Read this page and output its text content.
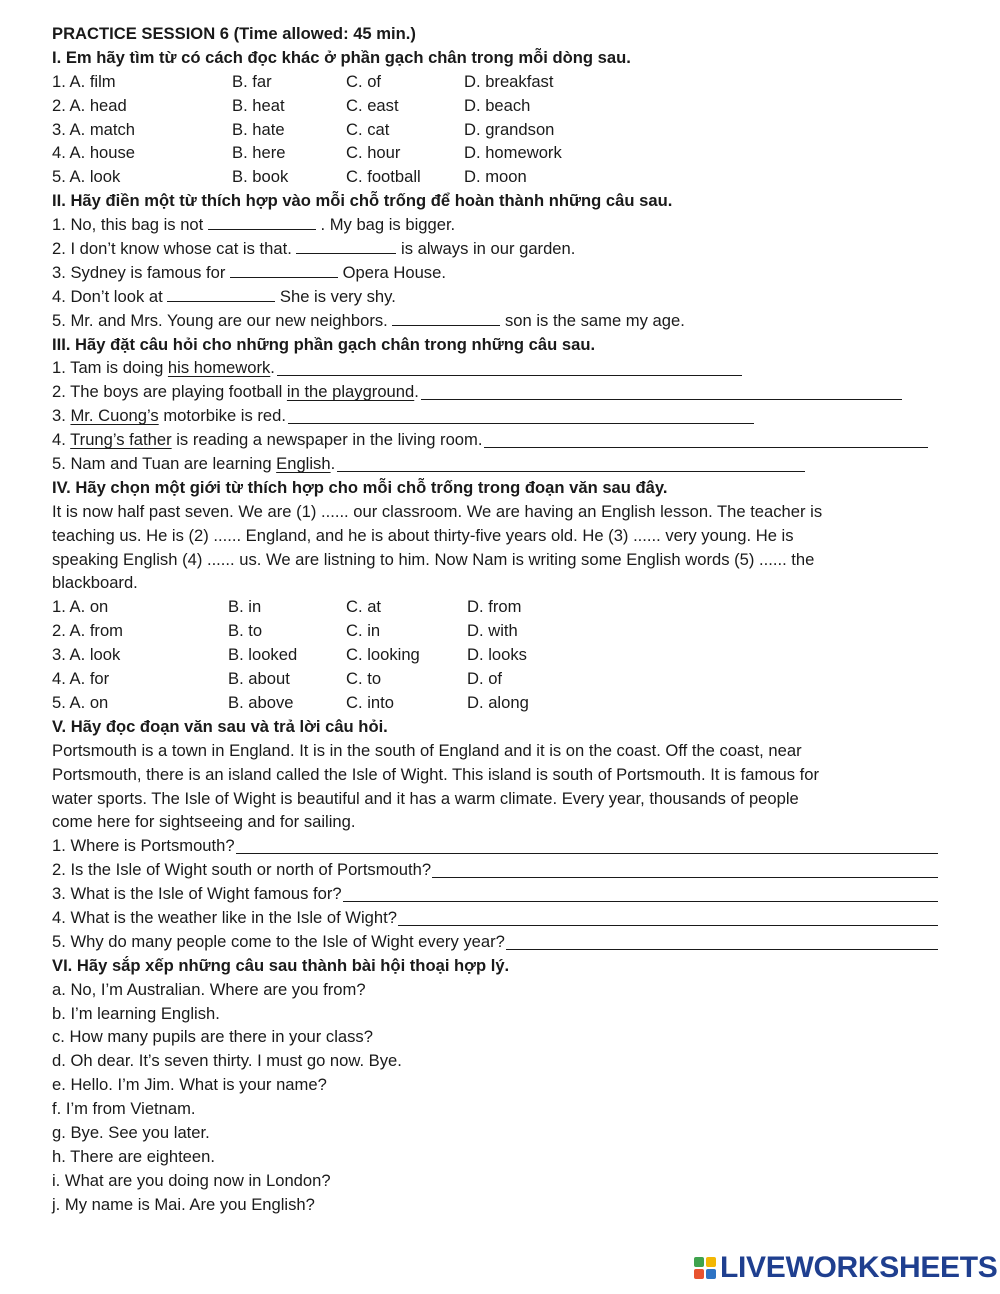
PRACTICE SESSION 6 (Time allowed: 45 min.)
I. Em hãy tìm từ có cách đọc khác ở phần gạch chân trong mỗi dòng sau.
1. A. film	B. far	C. of	D. breakfast
2. A. head	B. heat	C. east	D. beach
3. A. match	B. hate	C. cat	D. grandson
4. A. house	B. here	C. hour	D. homework
5. A. look	B. book	C. football	D. moon
II. Hãy điền một từ thích hợp vào mỗi chỗ trống để hoàn thành những câu sau.
1. No, this bag is not	. My bag is bigger.
2. I don’t know whose cat is that.	is always in our garden.
3. Sydney is famous for	Opera House.
4. Don’t look at	She is very shy.
5. Mr. and Mrs. Young are our new neighbors.	son is the same my age.
III. Hãy đặt câu hỏi cho những phần gạch chân trong những câu sau.
1. Tam is doing his homework.
2. The boys are playing football in the playground.
3. Mr. Cuong’s motorbike is red.
4. Trung’s father is reading a newspaper in the living room.
5. Nam and Tuan are learning English.
IV. Hãy chọn một giới từ thích hợp cho mỗi chỗ trống trong đoạn văn sau đây.
It is now half past seven. We are (1) ...... our classroom. We are having an English lesson. The teacher is
teaching us. He is (2) ...... England, and he is about thirty-five years old. He (3) ...... very young. He is
speaking English (4) ...... us. We are listning to him. Now Nam is writing some English words (5) ...... the
blackboard.
1. A. on	B. in	C. at	D. from
2. A. from	B. to	C. in	D. with
3. A. look	B. looked	C. looking	D. looks
4. A. for	B. about	C. to	D. of
5. A. on	B. above	C. into	D. along
V. Hãy đọc đoạn văn sau và trả lời câu hỏi.
Portsmouth is a town in England. It is in the south of England and it is on the coast. Off the coast, near
Portsmouth, there is an island called the Isle of Wight. This island is south of Portsmouth. It is famous for
water sports. The Isle of Wight is beautiful and it has a warm climate. Every year, thousands of people
come here for sightseeing and for sailing.
1. Where is Portsmouth?
2. Is the Isle of Wight south or north of Portsmouth?
3. What is the Isle of Wight famous for?
4. What is the weather like in the Isle of Wight?
5. Why do many people come to the Isle of Wight every year?
VI. Hãy sắp xếp những câu sau thành bài hội thoại hợp lý.
a. No, I’m Australian. Where are you from?
b. I’m learning English.
c. How many pupils are there in your class?
d. Oh dear. It’s seven thirty. I must go now. Bye.
e. Hello. I’m Jim. What is your name?
f. I’m from Vietnam.
g. Bye. See you later.
h. There are eighteen.
i. What are you doing now in London?
j. My name is Mai. Are you English?
LIVEWORKSHEETS
